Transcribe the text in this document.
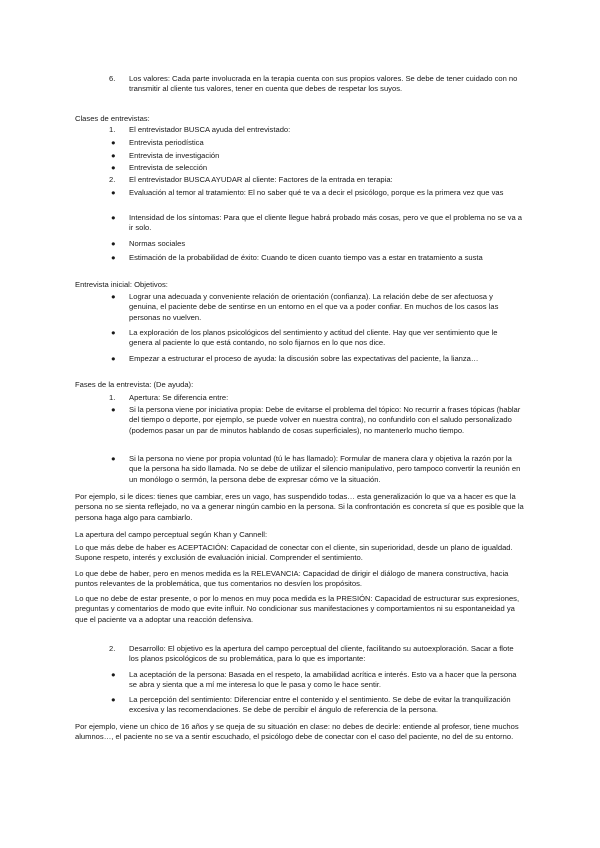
6.	Los valores: Cada parte involucrada en la terapia cuenta con sus propios valores. Se debe de tener cuidado con no transmitir al cliente tus valores, tener en cuenta que debes de respetar los suyos.

Clases de entrevistas:

1.	El entrevistador BUSCA ayuda del entrevistado:

●	Entrevista periodística

●	Entrevista de investigación

●	Entrevista de selección

2.	El entrevistador BUSCA AYUDAR al cliente: Factores de la entrada en terapia:

●	Evaluación al temor al tratamiento: El no saber qué te va a decir el psicólogo, porque es la primera vez que vas

●	Intensidad de los síntomas: Para que el cliente llegue habrá probado más cosas, pero ve que el problema no se va a ir solo.

●	Normas sociales

●	Estimación de la probabilidad de éxito: Cuando te dicen cuanto tiempo vas a estar en tratamiento a susta

Entrevista inicial: Objetivos:

●	Lograr una adecuada y conveniente relación de orientación (confianza). La relación debe de ser afectuosa y genuina, el paciente debe de sentirse en un entorno en el que va a poder confiar. En muchos de los casos las personas no vuelven.

●	La exploración de los planos psicológicos del sentimiento y actitud del cliente. Hay que ver sentimiento que le genera al paciente lo que está contando, no solo fijarnos en lo que nos dice.

●	Empezar a estructurar el proceso de ayuda: la discusión sobre las expectativas del paciente, la lianza…

Fases de la entrevista: (De ayuda):

1.	Apertura: Se diferencia entre:

●	Si la persona viene por iniciativa propia: Debe de evitarse el problema del tópico: No recurrir a frases tópicas (hablar del tiempo o deporte, por ejemplo, se puede volver en nuestra contra), no confundirlo con el saludo personalizado (podemos pasar un par de minutos hablando de cosas superficiales), no mantenerlo mucho tiempo.

●	Si la persona no viene por propia voluntad (tú le has llamado): Formular de manera clara y objetiva la razón por la que la persona ha sido llamada. No se debe de utilizar el silencio manipulativo, pero tampoco convertir la reunión en un monólogo o sermón, la persona debe de expresar cómo ve la situación.

Por ejemplo, si le dices: tienes que cambiar, eres un vago, has suspendido todas… esta generalización lo que va a hacer es que la persona no se sienta reflejado, no va a generar ningún cambio en la persona. Si la confrontación es concreta sí que es posible que la persona haga algo para cambiarlo.

La apertura del campo perceptual según Khan y Cannell:

Lo que más debe de haber es ACEPTACIÓN: Capacidad de conectar con el cliente, sin superioridad, desde un plano de igualdad. Supone respeto, interés y exclusión de evaluación inicial. Comprender el sentimiento.

Lo que debe de haber, pero en menos medida es la RELEVANCIA: Capacidad de dirigir el diálogo de manera constructiva, hacia puntos relevantes de la problemática, que tus comentarios no desvíen los propósitos.

Lo que no debe de estar presente, o por lo menos en muy poca medida es la PRESIÓN: Capacidad de estructurar sus expresiones, preguntas y comentarios de modo que evite influir. No condicionar sus manifestaciones y comportamientos ni su espontaneidad ya que el paciente va a adoptar una reacción defensiva.

2.	Desarrollo: El objetivo es la apertura del campo perceptual del cliente, facilitando su autoexploración. Sacar a flote los planos psicológicos de su problemática, para lo que es importante:

●	La aceptación de la persona: Basada en el respeto, la amabilidad acrítica e interés. Esto va a hacer que la persona se abra y sienta que a mí me interesa lo que le pasa y como le hace sentir.

●	La percepción del sentimiento: Diferenciar entre el contenido y el sentimiento. Se debe de evitar la tranquilización excesiva y las recomendaciones. Se debe de percibir el ángulo de referencia de la persona.

Por ejemplo, viene un chico de 16 años y se queja de su situación en clase: no debes de decirle: entiende al profesor, tiene muchos alumnos…, el paciente no se va a sentir escuchado, el psicólogo debe de conectar con el caso del paciente, no del de su entorno.
